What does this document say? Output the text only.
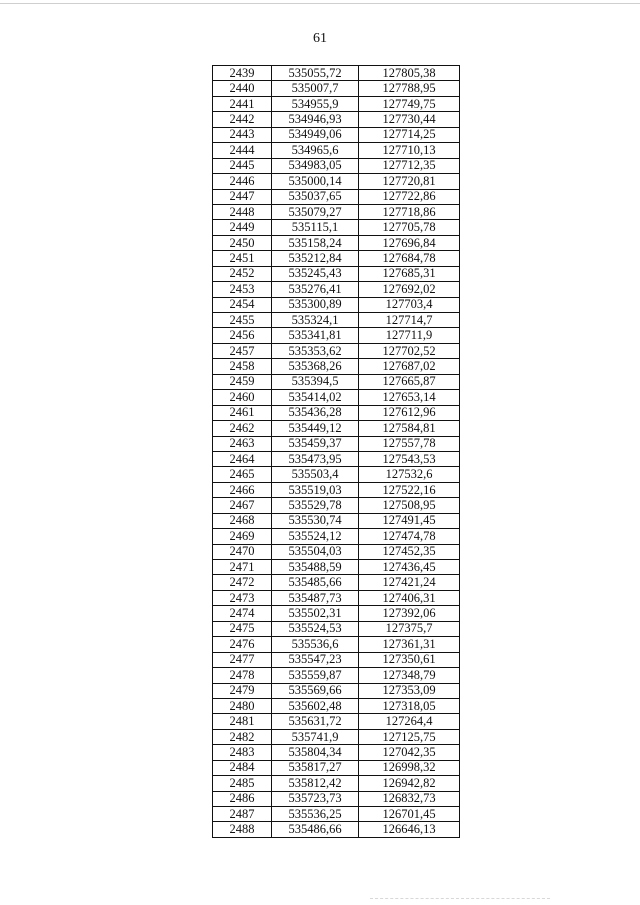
61
2439	535055,72	127805,38
2440	535007,7	127788,95
2441	534955,9	127749,75
2442	534946,93	127730,44
2443	534949,06	127714,25
2444	534965,6	127710,13
2445	534983,05	127712,35
2446	535000,14	127720,81
2447	535037,65	127722,86
2448	535079,27	127718,86
2449	535115,1	127705,78
2450	535158,24	127696,84
2451	535212,84	127684,78
2452	535245,43	127685,31
2453	535276,41	127692,02
2454	535300,89	127703,4
2455	535324,1	127714,7
2456	535341,81	127711,9
2457	535353,62	127702,52
2458	535368,26	127687,02
2459	535394,5	127665,87
2460	535414,02	127653,14
2461	535436,28	127612,96
2462	535449,12	127584,81
2463	535459,37	127557,78
2464	535473,95	127543,53
2465	535503,4	127532,6
2466	535519,03	127522,16
2467	535529,78	127508,95
2468	535530,74	127491,45
2469	535524,12	127474,78
2470	535504,03	127452,35
2471	535488,59	127436,45
2472	535485,66	127421,24
2473	535487,73	127406,31
2474	535502,31	127392,06
2475	535524,53	127375,7
2476	535536,6	127361,31
2477	535547,23	127350,61
2478	535559,87	127348,79
2479	535569,66	127353,09
2480	535602,48	127318,05
2481	535631,72	127264,4
2482	535741,9	127125,75
2483	535804,34	127042,35
2484	535817,27	126998,32
2485	535812,42	126942,82
2486	535723,73	126832,73
2487	535536,25	126701,45
2488	535486,66	126646,13
